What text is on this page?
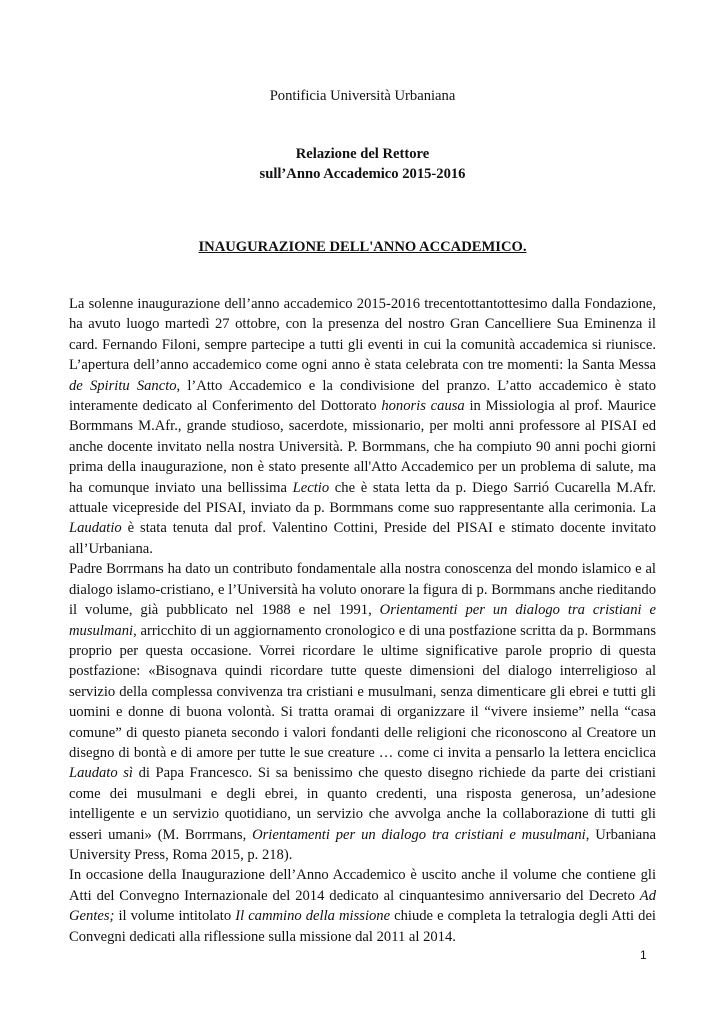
Pontificia Università Urbaniana
Relazione del Rettore
sull’Anno Accademico 2015-2016
INAUGURAZIONE DELL'ANNO ACCADEMICO.

La solenne inaugurazione dell’anno accademico 2015-2016 trecentottantottesimo dalla Fondazione, ha avuto luogo martedì 27 ottobre, con la presenza del nostro Gran Cancelliere Sua Eminenza il card. Fernando Filoni, sempre partecipe a tutti gli eventi in cui la comunità accademica si riunisce. L’apertura dell’anno accademico come ogni anno è stata celebrata con tre momenti: la Santa Messa de Spiritu Sancto, l’Atto Accademico e la condivisione del pranzo. L’atto accademico è stato interamente dedicato al Conferimento del Dottorato honoris causa in Missiologia al prof. Maurice Bormmans M.Afr., grande studioso, sacerdote, missionario, per molti anni professore al PISAI ed anche docente invitato nella nostra Università. P. Bormmans, che ha compiuto 90 anni pochi giorni prima della inaugurazione, non è stato presente all'Atto Accademico per un problema di salute, ma ha comunque inviato una bellissima Lectio che è stata letta da p. Diego Sarrió Cucarella M.Afr. attuale vicepreside del PISAI, inviato da p. Bormmans come suo rappresentante alla cerimonia. La Laudatio è stata tenuta dal prof. Valentino Cottini, Preside del PISAI e stimato docente invitato all’Urbaniana.

Padre Borrmans ha dato un contributo fondamentale alla nostra conoscenza del mondo islamico e al dialogo islamo-cristiano, e l’Università ha voluto onorare la figura di p. Bormmans anche riedіtando il volume, già pubblicato nel 1988 e nel 1991, Orientamenti per un dialogo tra cristiani e musulmani, arricchito di un aggiornamento cronologico e di una postfazione scritta da p. Bormmans proprio per questa occasione. Vorrei ricordare le ultime significative parole proprio di questa postfazione: «Bisognava quindi ricordare tutte queste dimensioni del dialogo interreligioso al servizio della complessa convivenza tra cristiani e musulmani, senza dimenticare gli ebrei e tutti gli uomini e donne di buona volontà. Si tratta oramai di organizzare il “vivere insieme” nella “casa comune” di questo pianeta secondo i valori fondanti delle religioni che riconoscono al Creatore un disegno di bontà e di amore per tutte le sue creature … come ci invita a pensarlo la lettera enciclica Laudato sì di Papa Francesco. Si sa benissimo che questo disegno richiede da parte dei cristiani come dei musulmani e degli ebrei, in quanto credenti, una risposta generosa, un’adesione intelligente e un servizio quotidiano, un servizio che avvolga anche la collaborazione di tutti gli esseri umani» (M. Borrmans, Orientamenti per un dialogo tra cristiani e musulmani, Urbaniana University Press, Roma 2015, p. 218).

In occasione della Inaugurazione dell’Anno Accademico è uscito anche il volume che contiene gli Atti del Convegno Internazionale del 2014 dedicato al cinquantesimo anniversario del Decreto Ad Gentes; il volume intitolato Il cammino della missione chiude e completa la tetralogia degli Atti dei Convegni dedicati alla riflessione sulla missione dal 2011 al 2014.

1
